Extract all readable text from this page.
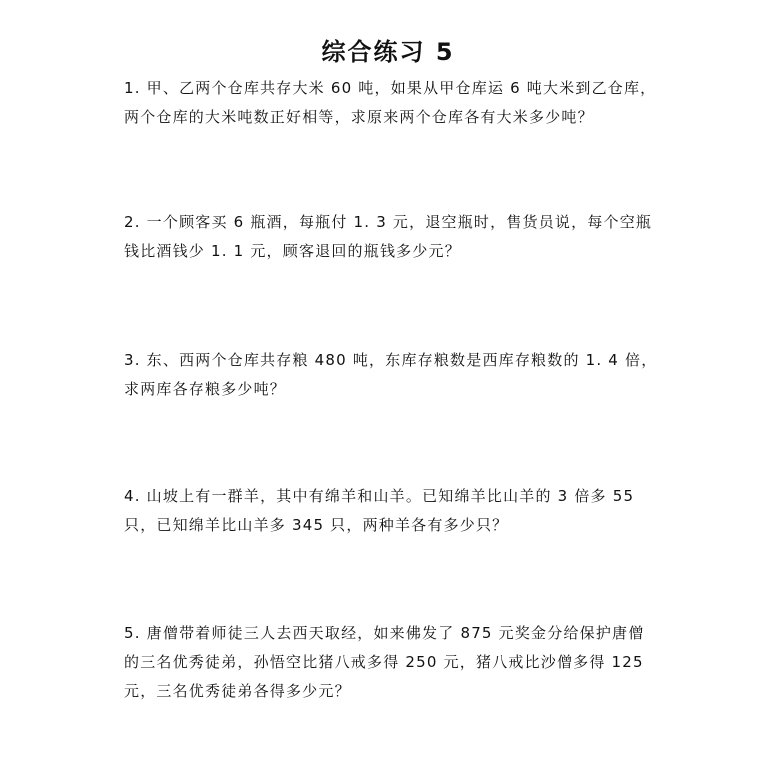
综合练习 5
1. 甲、乙两个仓库共存大米 60 吨，如果从甲仓库运 6 吨大米到乙仓库，
两个仓库的大米吨数正好相等，求原来两个仓库各有大米多少吨？
2. 一个顾客买 6 瓶酒，每瓶付 1. 3 元，退空瓶时，售货员说，每个空瓶
钱比酒钱少 1. 1 元，顾客退回的瓶钱多少元？
3. 东、西两个仓库共存粮 480 吨，东库存粮数是西库存粮数的 1. 4 倍，
求两库各存粮多少吨？
4. 山坡上有一群羊，其中有绵羊和山羊。已知绵羊比山羊的 3 倍多 55
只，已知绵羊比山羊多 345 只，两种羊各有多少只？
5. 唐僧带着师徒三人去西天取经，如来佛发了 875 元奖金分给保护唐僧
的三名优秀徒弟，孙悟空比猪八戒多得 250 元，猪八戒比沙僧多得 125
元，三名优秀徒弟各得多少元？
